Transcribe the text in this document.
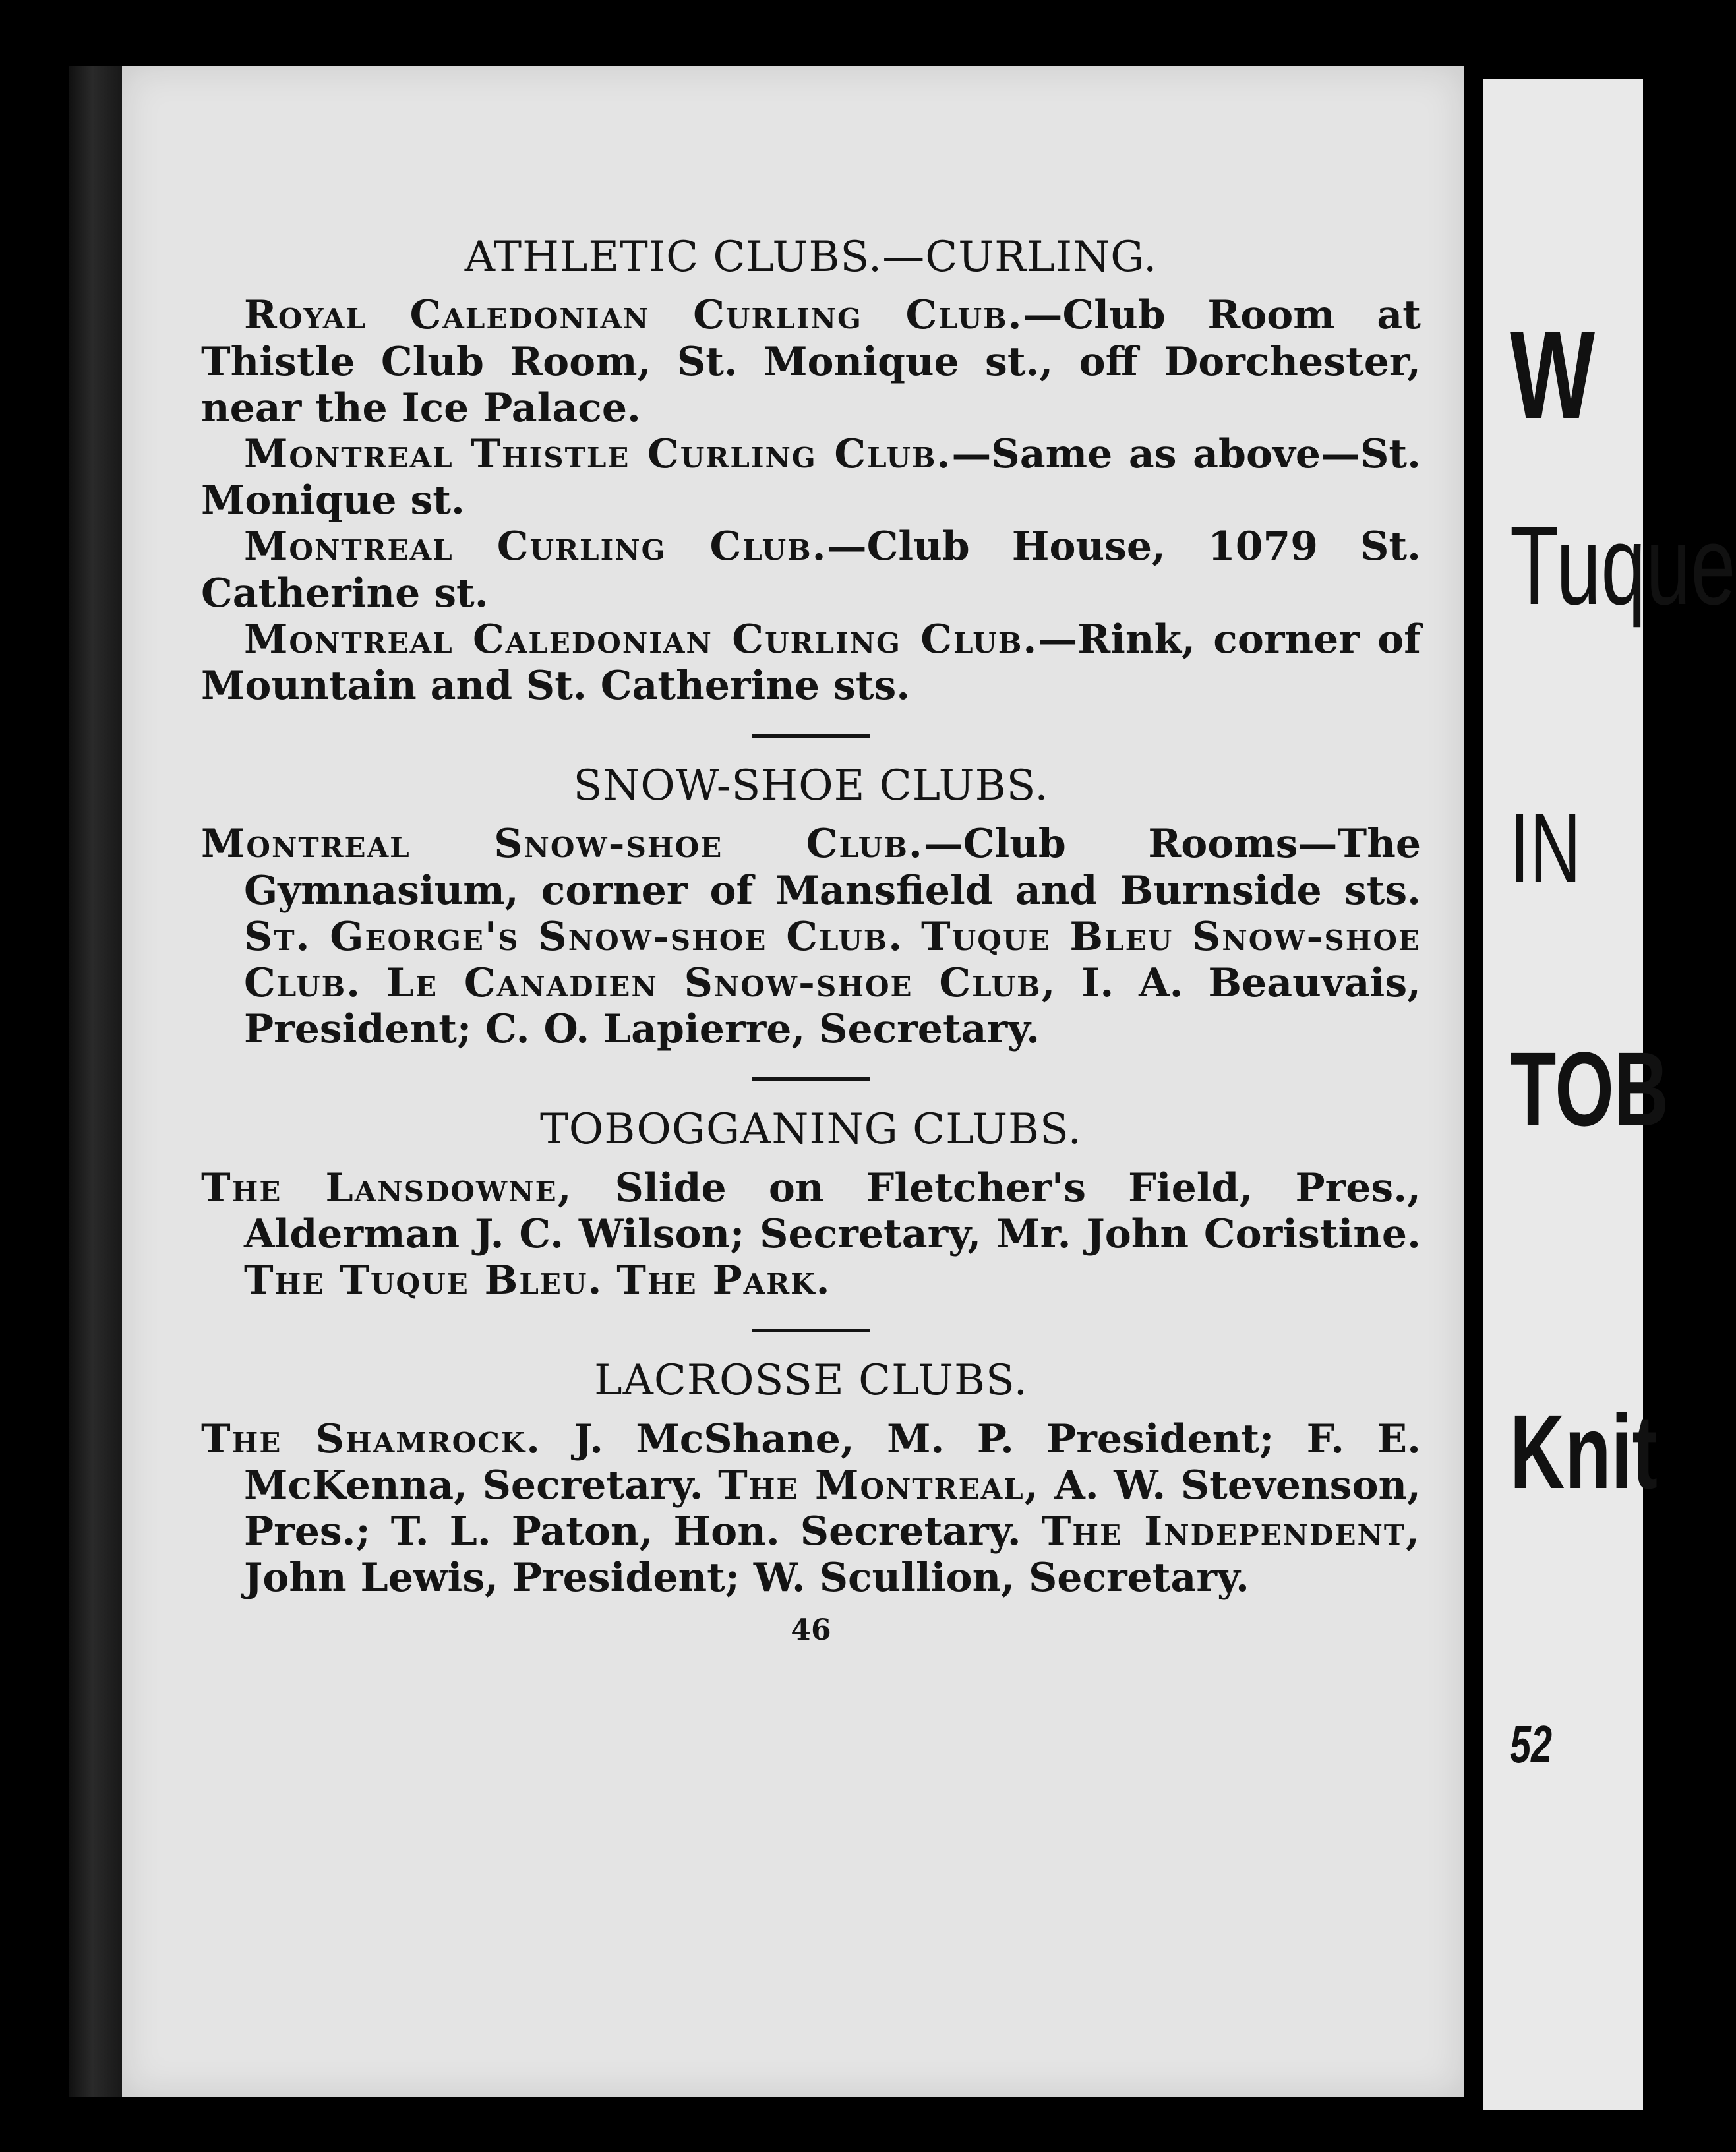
ATHLETIC CLUBS.—CURLING.

Royal Caledonian Curling Club.—Club Room at Thistle Club Room, St. Monique st., off Dorchester, near the Ice Palace.

Montreal Thistle Curling Club.—Same as above—St. Monique st.

Montreal Curling Club.—Club House, 1079 St. Catherine st.

Montreal Caledonian Curling Club.—Rink, corner of Mountain and St. Catherine sts.

SNOW-SHOE CLUBS.

Montreal Snow-shoe Club.—Club Rooms—The Gymnasium, corner of Mansfield and Burnside sts. St. George's Snow-shoe Club. Tuque Bleu Snow-shoe Club. Le Canadien Snow-shoe Club, I. A. Beauvais, President; C. O. Lapierre, Secretary.

TOBOGGANING CLUBS.

The Lansdowne, Slide on Fletcher's Field, Pres., Alderman J. C. Wilson; Secretary, Mr. John Coristine. The Tuque Bleu. The Park.

LACROSSE CLUBS.

The Shamrock. J. McShane, M. P. President; F. E. McKenna, Secretary. The Montreal, A. W. Stevenson, Pres.; T. L. Paton, Hon. Secretary. The Independent, John Lewis, President; W. Scullion, Secretary.

46
W
Tuque
IN
TOB
Knit
52
